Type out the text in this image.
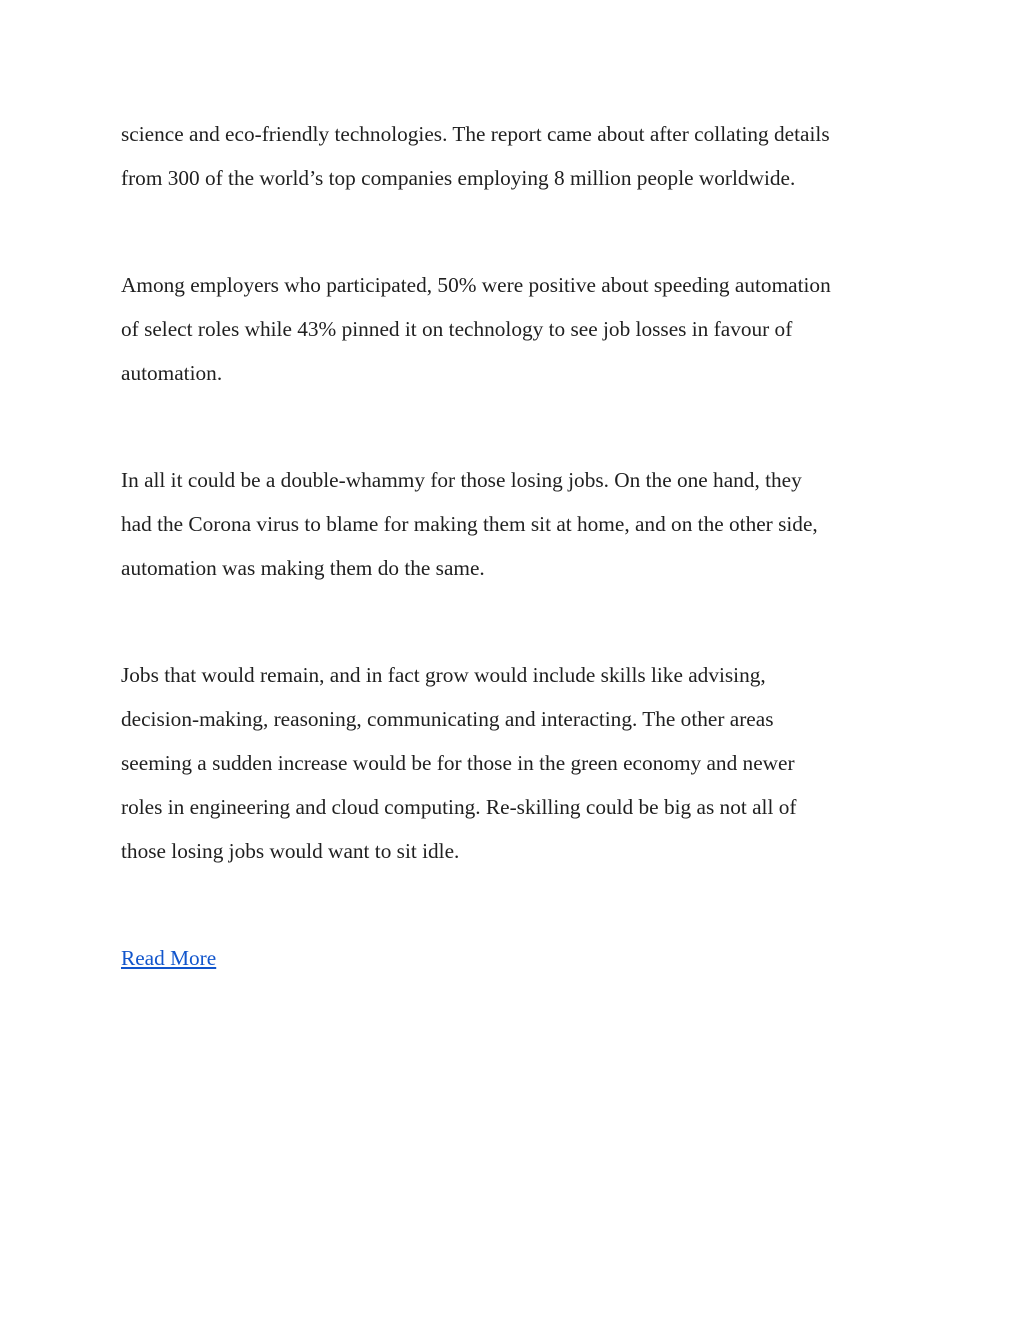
science and eco-friendly technologies. The report came about after collating details
from 300 of the world’s top companies employing 8 million people worldwide.

Among employers who participated, 50% were positive about speeding automation
of select roles while 43% pinned it on technology to see job losses in favour of
automation.

In all it could be a double-whammy for those losing jobs. On the one hand, they
had the Corona virus to blame for making them sit at home, and on the other side,
automation was making them do the same.

Jobs that would remain, and in fact grow would include skills like advising,
decision-making, reasoning, communicating and interacting. The other areas
seeming a sudden increase would be for those in the green economy and newer
roles in engineering and cloud computing. Re-skilling could be big as not all of
those losing jobs would want to sit idle.

Read More
